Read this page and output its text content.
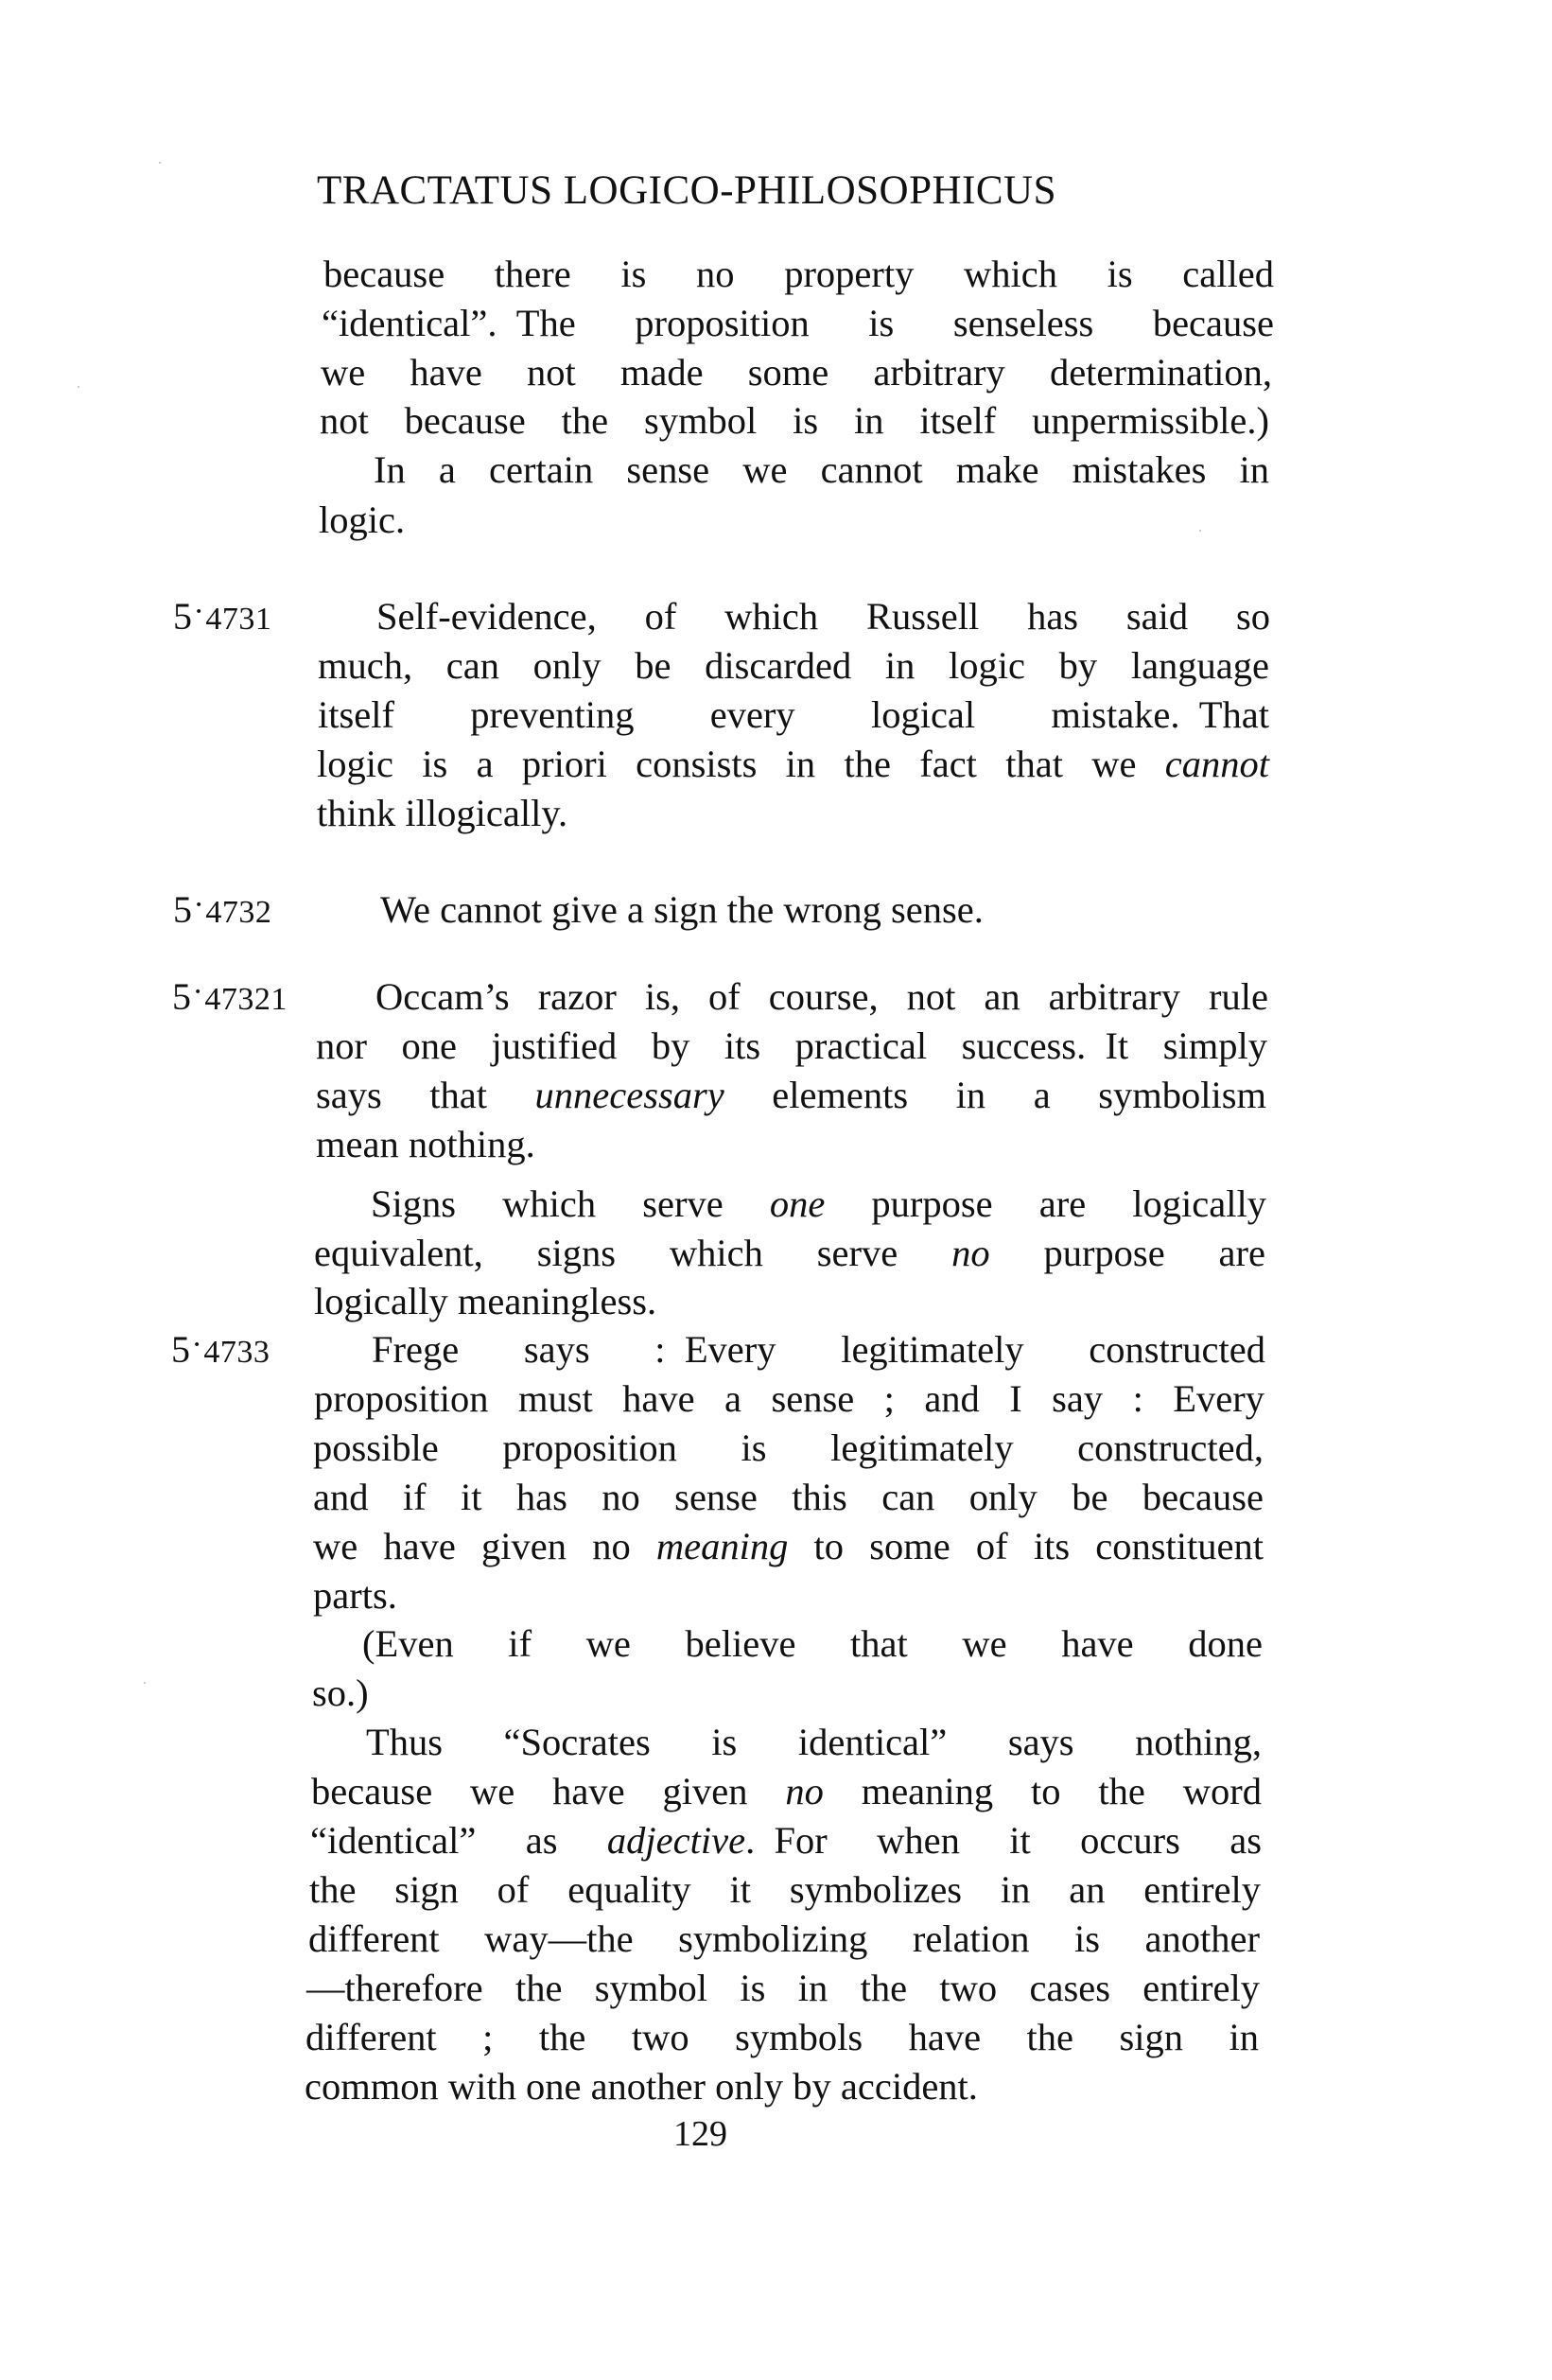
TRACTATUS LOGICO-PHILOSOPHICUS
because there is no property which is called
“identical”. The proposition is senseless because
we have not made some arbitrary determination,
not because the symbol is in itself unpermissible.)
In a certain sense we cannot make mistakes in
logic.
5·4731	Self-evidence, of which Russell has said so
much, can only be discarded in logic by language
itself preventing every logical mistake. That
logic is a priori consists in the fact that we cannot
think illogically.
5·4732	We cannot give a sign the wrong sense.
5·47321 Occam’s razor is, of course, not an arbitrary rule
nor one justified by its practical success. It simply
says that unnecessary elements in a symbolism
mean nothing.
Signs which serve one purpose are logically
equivalent, signs which serve no purpose are
logically meaningless.
5·4733	Frege says : Every legitimately constructed
proposition must have a sense ; and I say : Every
possible proposition is legitimately constructed,
and if it has no sense this can only be because
we have given no meaning to some of its constituent
parts.
(Even if we believe that we have done
so.)
Thus “Socrates is identical” says nothing,
because we have given no meaning to the word
“identical” as adjective. For when it occurs as
the sign of equality it symbolizes in an entirely
different way—the symbolizing relation is another
—therefore the symbol is in the two cases entirely
different ; the two symbols have the sign in
common with one another only by accident.
129
